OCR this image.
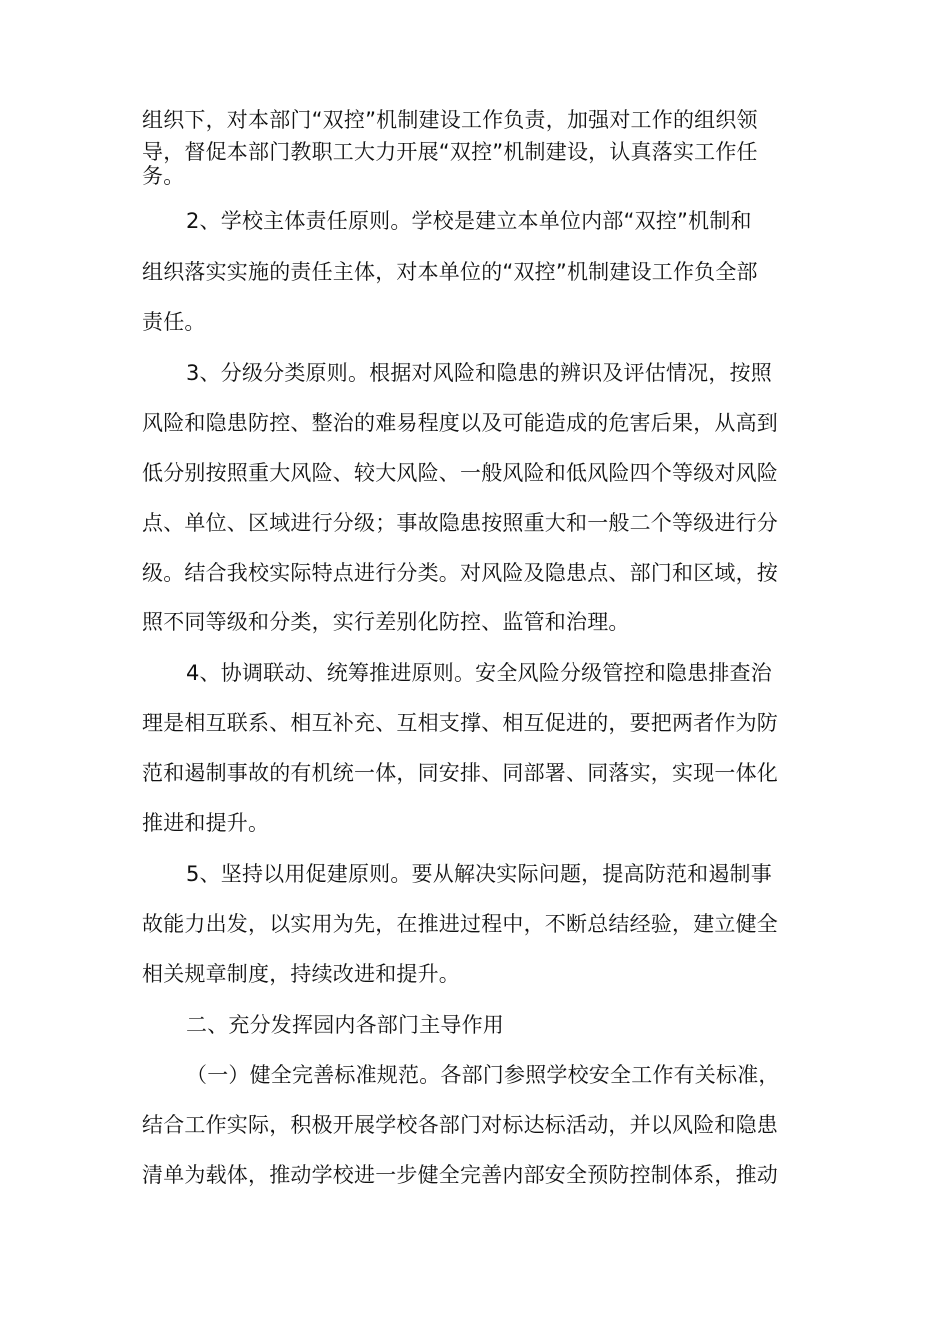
组织下，对本部门“双控”机制建设工作负责，加强对工作的组织领
导，督促本部门教职工大力开展“双控”机制建设，认真落实工作任
务。
2、学校主体责任原则。学校是建立本单位内部“双控”机制和
组织落实实施的责任主体，对本单位的“双控”机制建设工作负全部
责任。
3、分级分类原则。根据对风险和隐患的辨识及评估情况，按照
风险和隐患防控、整治的难易程度以及可能造成的危害后果，从高到
低分别按照重大风险、较大风险、一般风险和低风险四个等级对风险
点、单位、区域进行分级；事故隐患按照重大和一般二个等级进行分
级。结合我校实际特点进行分类。对风险及隐患点、部门和区域，按
照不同等级和分类，实行差别化防控、监管和治理。
4、协调联动、统筹推进原则。安全风险分级管控和隐患排查治
理是相互联系、相互补充、互相支撑、相互促进的，要把两者作为防
范和遏制事故的有机统一体，同安排、同部署、同落实，实现一体化
推进和提升。
5、坚持以用促建原则。要从解决实际问题，提高防范和遏制事
故能力出发，以实用为先，在推进过程中，不断总结经验，建立健全
相关规章制度，持续改进和提升。
二、充分发挥园内各部门主导作用
（一）健全完善标准规范。各部门参照学校安全工作有关标准，
结合工作实际，积极开展学校各部门对标达标活动，并以风险和隐患
清单为载体，推动学校进一步健全完善内部安全预防控制体系，推动
